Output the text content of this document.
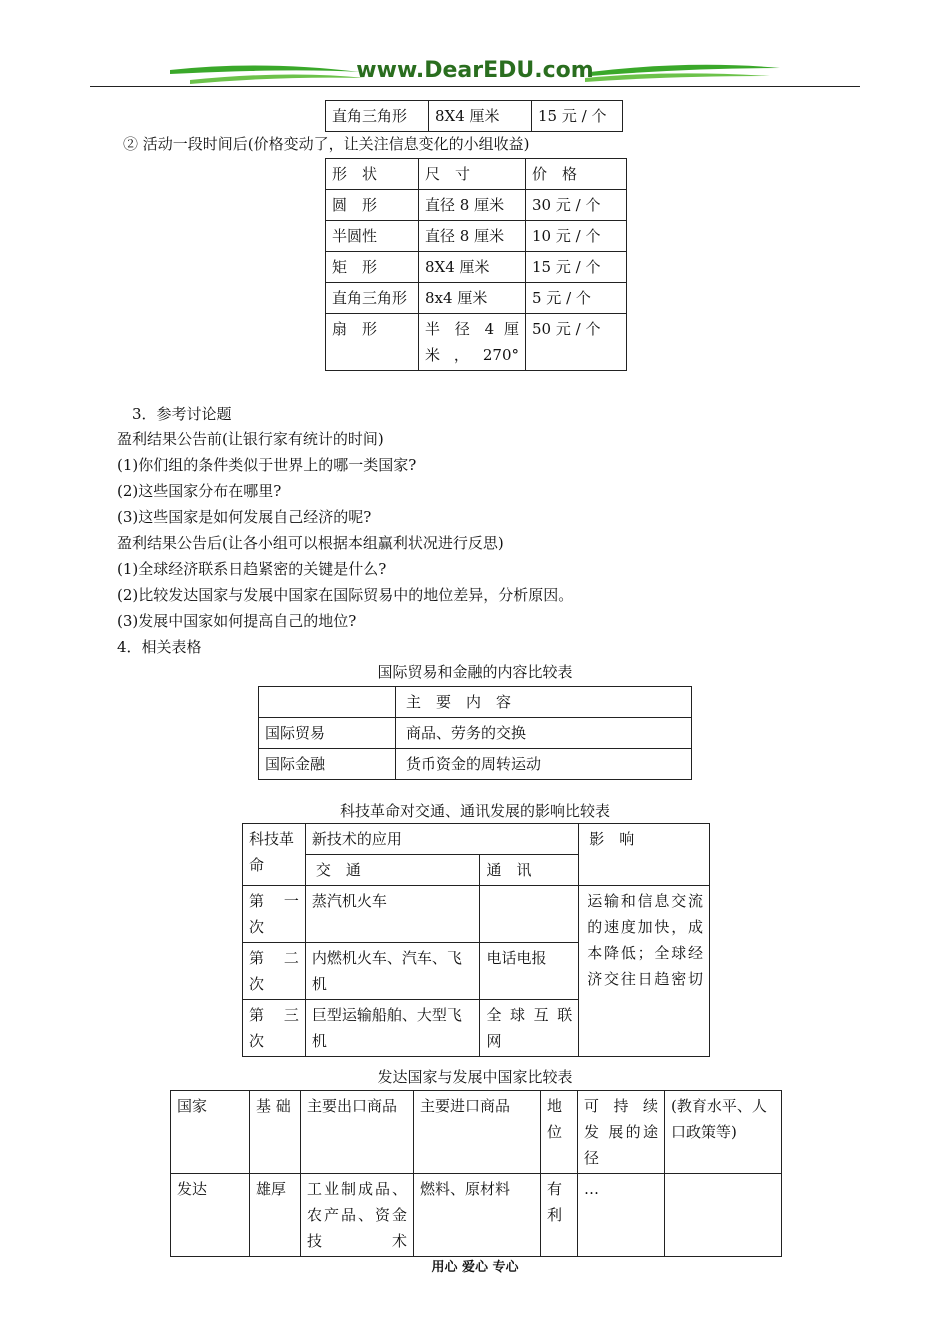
www.DearEDU.com
直角三角形	8X4 厘米	15 元 / 个
② 活动一段时间后(价格变动了，让关注信息变化的小组收益)
形　状	尺　寸	价　格
圆　形	直径 8 厘米	30 元 / 个
半圆性	直径 8 厘米	10 元 / 个
矩　形	8X4 厘米	15 元 / 个
直角三角形	8x4 厘米	5 元 / 个
扇　形	半 径 4 厘米，270°	50 元 / 个
3．参考讨论题
盈利结果公告前(让银行家有统计的时间)
(1)你们组的条件类似于世界上的哪一类国家?
(2)这些国家分布在哪里?
(3)这些国家是如何发展自己经济的呢?
盈利结果公告后(让各小组可以根据本组赢利状况进行反思)
(1)全球经济联系日趋紧密的关键是什么?
(2)比较发达国家与发展中国家在国际贸易中的地位差异，分析原因。
(3)发展中国家如何提高自己的地位?
4．相关表格
国际贸易和金融的内容比较表
	主　要　内　容
国际贸易	商品、劳务的交换
国际金融	货币资金的周转运动
科技革命对交通、通讯发展的影响比较表
科技革命	新技术的应用		影　响
	交　通	通　讯	
第 一 次	蒸汽机火车		运输和信息交流的速度加快，成本降低；全球经济交往日趋密切
第 二 次	内燃机火车、汽车、飞机	电话电报	
第 三 次	巨型运输船舶、大型飞机	全 球 互 联 网	
发达国家与发展中国家比较表
国家	基 础	主要出口商品	主要进口商品	地位	可 持 续 发 展的途径	(教育水平、人口政策等)
发达	雄厚	工业制成品、农产品、资金技术	燃料、原材料	有利	…	
用心 爱心 专心
